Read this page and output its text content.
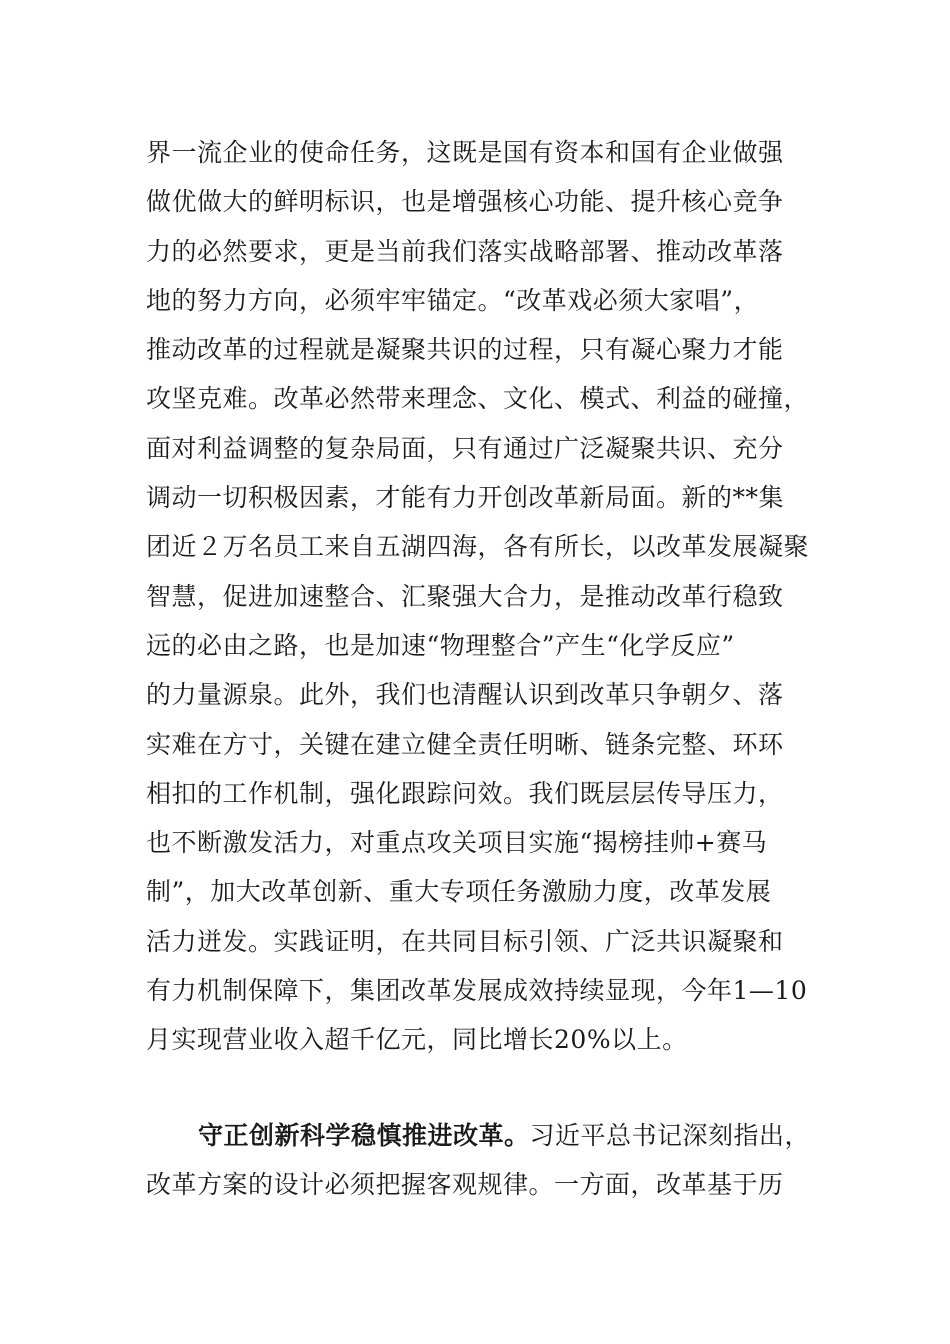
界一流企业的使命任务，这既是国有资本和国有企业做强
做优做大的鲜明标识，也是增强核心功能、提升核心竞争
力的必然要求，更是当前我们落实战略部署、推动改革落
地的努力方向，必须牢牢锚定。“改革戏必须大家唱”，
推动改革的过程就是凝聚共识的过程，只有凝心聚力才能
攻坚克难。改革必然带来理念、文化、模式、利益的碰撞，
面对利益调整的复杂局面，只有通过广泛凝聚共识、充分
调动一切积极因素，才能有力开创改革新局面。新的**集
团近２万名员工来自五湖四海，各有所长，以改革发展凝聚
智慧，促进加速整合、汇聚强大合力，是推动改革行稳致
远的必由之路，也是加速“物理整合”产生“化学反应”
的力量源泉。此外，我们也清醒认识到改革只争朝夕、落
实难在方寸，关键在建立健全责任明晰、链条完整、环环
相扣的工作机制，强化跟踪问效。我们既层层传导压力，
也不断激发活力，对重点攻关项目实施“揭榜挂帅+赛马
制”，加大改革创新、重大专项任务激励力度，改革发展
活力迸发。实践证明，在共同目标引领、广泛共识凝聚和
有力机制保障下，集团改革发展成效持续显现，今年1—10
月实现营业收入超千亿元，同比增长20%以上。
守正创新科学稳慎推进改革。习近平总书记深刻指出，
改革方案的设计必须把握客观规律。一方面，改革基于历
